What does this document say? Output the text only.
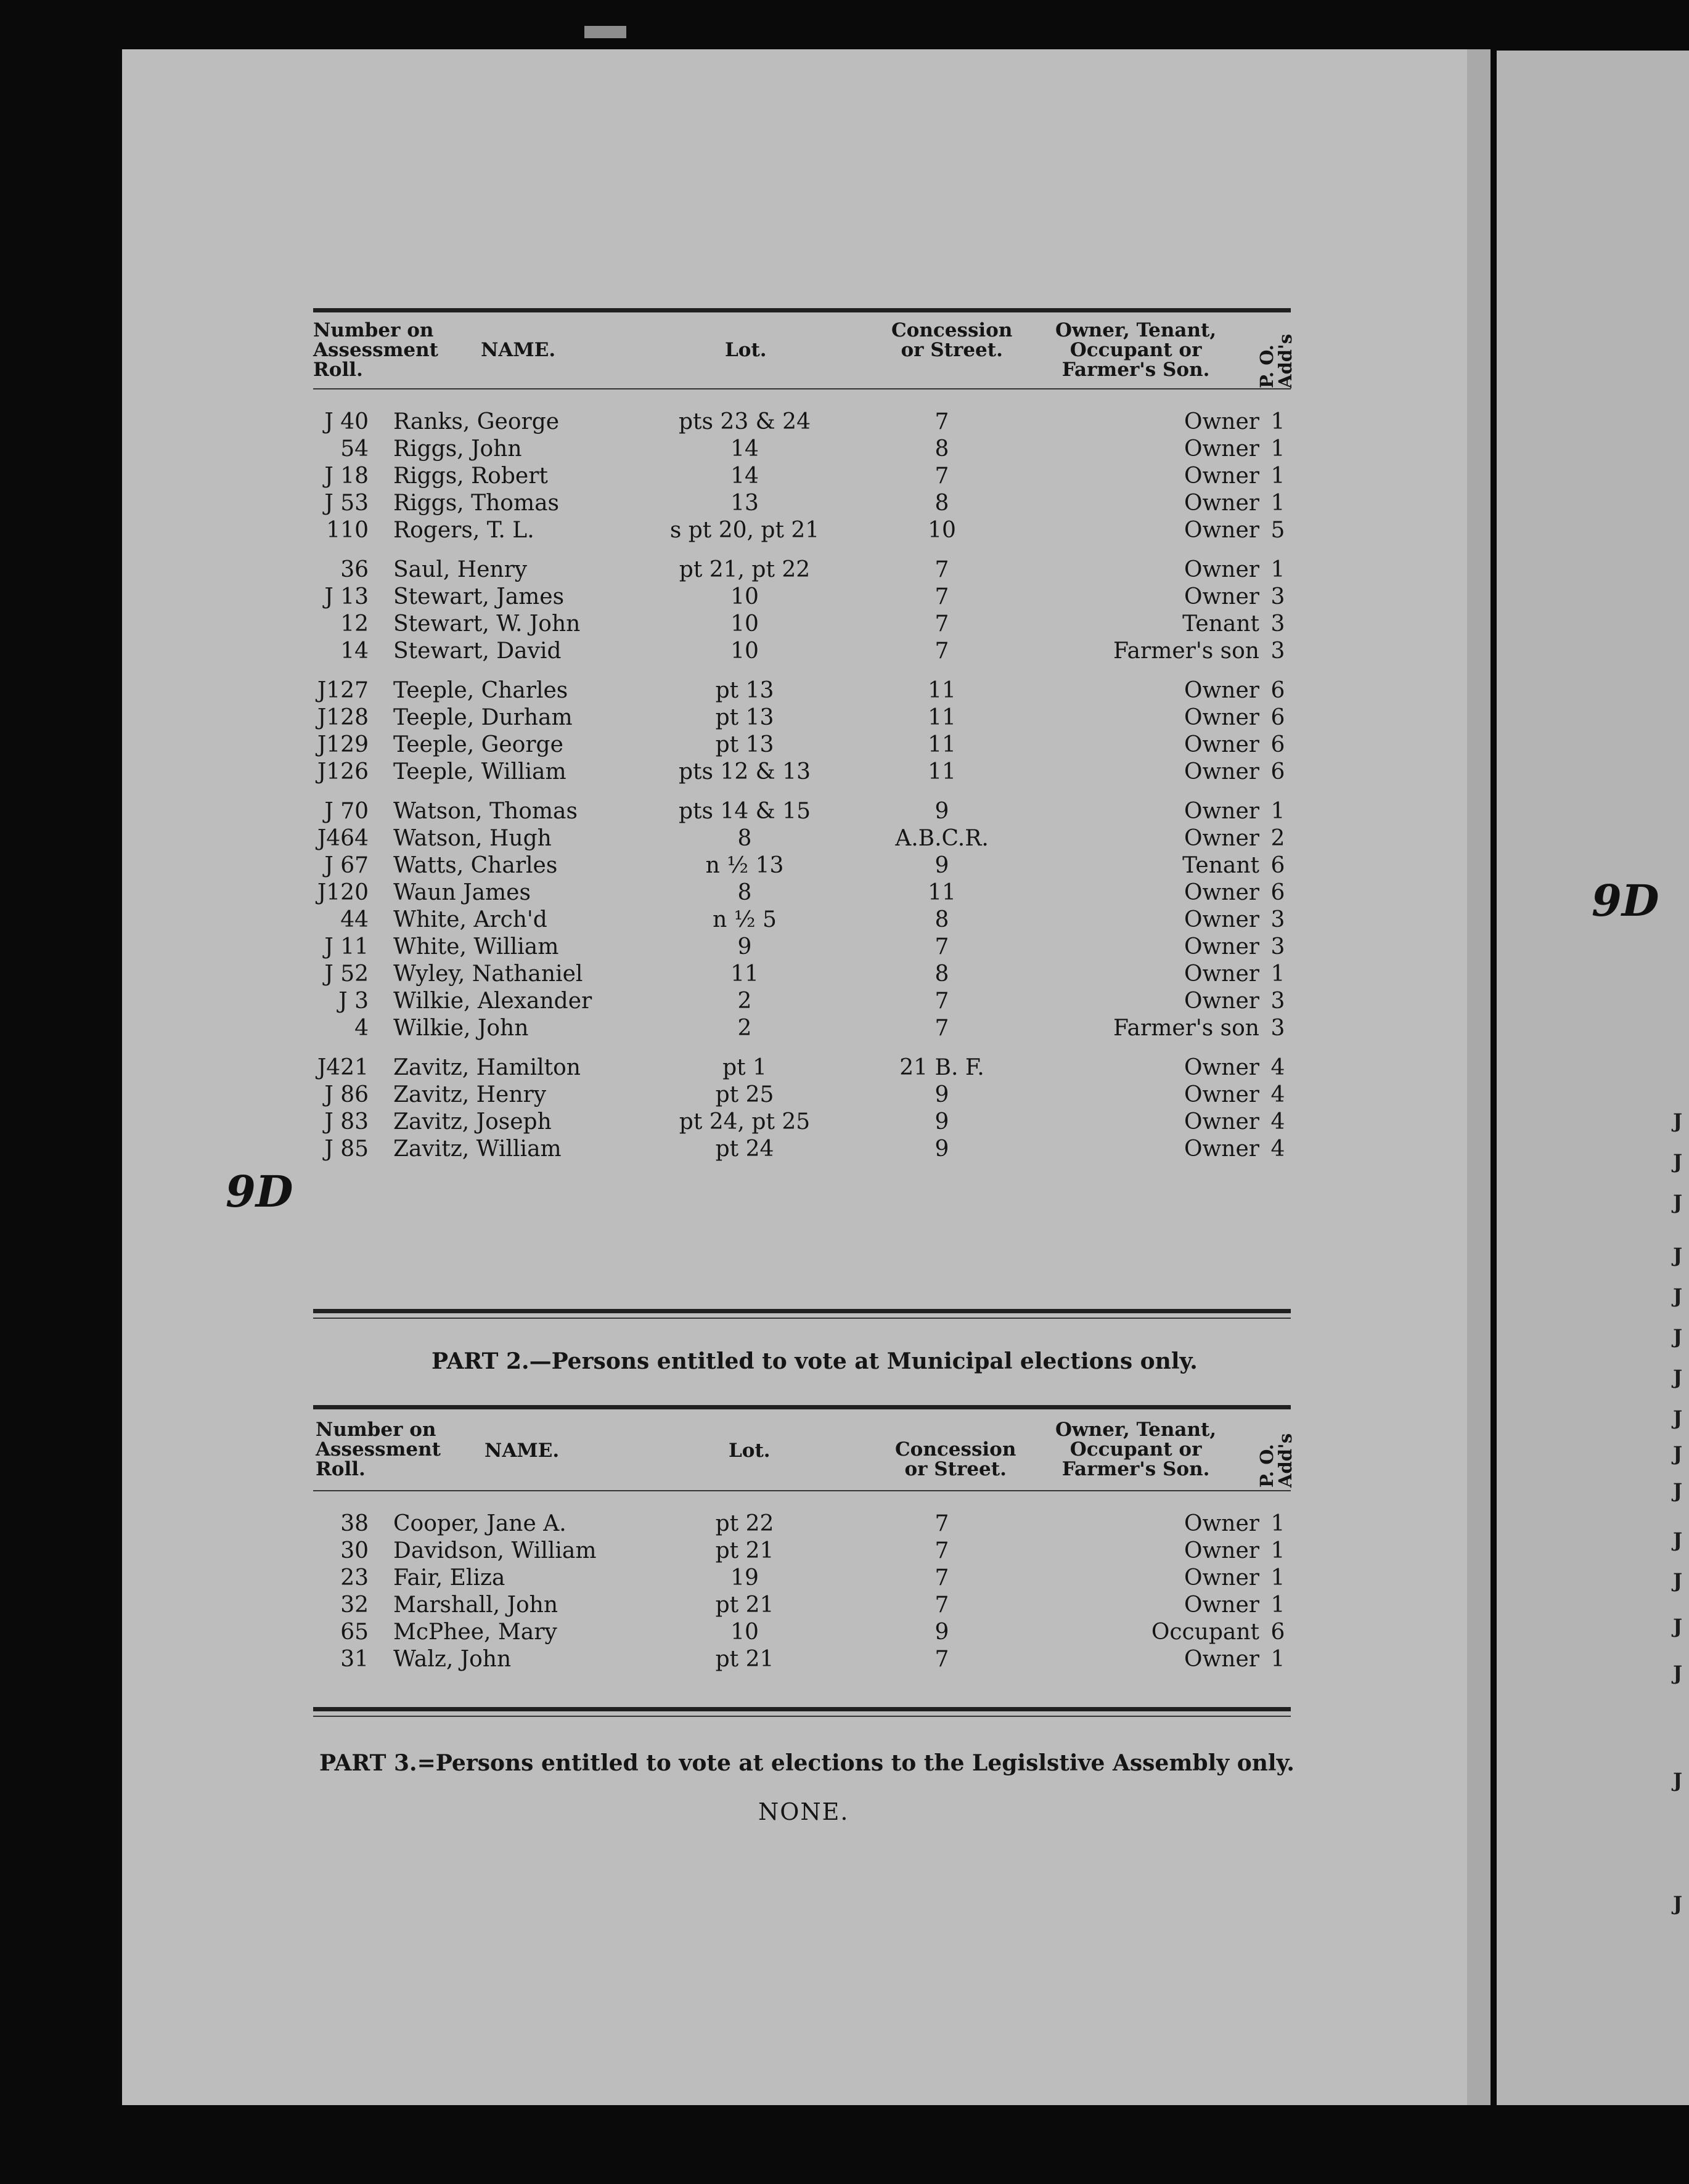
J
J
J
J
J
J
J
J
J
J
J
J
J
J
J
J
9D
9D
Number on
Assessment
Roll.
NAME.	Lot.
Concession
or Street.
Owner, Tenant,
Occupant or
Farmer's Son.	P. O.
Add's
J 40 Ranks, George	pts 23 & 24	7	Owner 1
54 Riggs, John	14	8	Owner 1
J 18 Riggs, Robert	14	7	Owner 1
J 53 Riggs, Thomas	13	8	Owner 1
110 Rogers, T. L.	s pt 20, pt 21	10	Owner 5
36 Saul, Henry	pt 21, pt 22	7	Owner 1
J 13 Stewart, James	10	7	Owner 3
12 Stewart, W. John	10	7	Tenant 3
14 Stewart, David	10	7	Farmer's son 3
J127 Teeple, Charles	pt 13	11	Owner 6
J128 Teeple, Durham	pt 13	11	Owner 6
J129 Teeple, George	pt 13	11	Owner 6
J126 Teeple, William	pts 12 & 13	11	Owner 6
J 70 Watson, Thomas	pts 14 & 15	9	Owner 1
J464 Watson, Hugh	8	A.B.C.R.	Owner 2
J 67 Watts, Charles	n ½ 13	9	Tenant 6
J120 Waun James	8	11	Owner 6
44 White, Arch'd	n ½ 5	8	Owner 3
J 11 White, William	9	7	Owner 3
J 52 Wyley, Nathaniel	11	8	Owner 1
J 3 Wilkie, Alexander	2	7	Owner 3
4 Wilkie, John	2	7	Farmer's son 3
J421 Zavitz, Hamilton	pt 1	21 B. F.	Owner 4
J 86 Zavitz, Henry	pt 25	9	Owner 4
J 83 Zavitz, Joseph	pt 24, pt 25	9	Owner 4
J 85 Zavitz, William	pt 24	9	Owner 4
PART 2.—Persons entitled to vote at Municipal elections only.
Number on
Assessment
Roll.
NAME.	Lot.	Concession
or Street.
Owner, Tenant,
Occupant or
Farmer's Son.	P. O.
Add's
38 Cooper, Jane A.	pt 22	7	Owner 1
30 Davidson, William	pt 21	7	Owner 1
23 Fair, Eliza	19	7	Owner 1
32 Marshall, John	pt 21	7	Owner 1
65 McPhee, Mary	10	9	Occupant 6
31 Walz, John	pt 21	7	Owner 1
PART 3.=Persons entitled to vote at elections to the Legislstive Assembly only.
NONE.
